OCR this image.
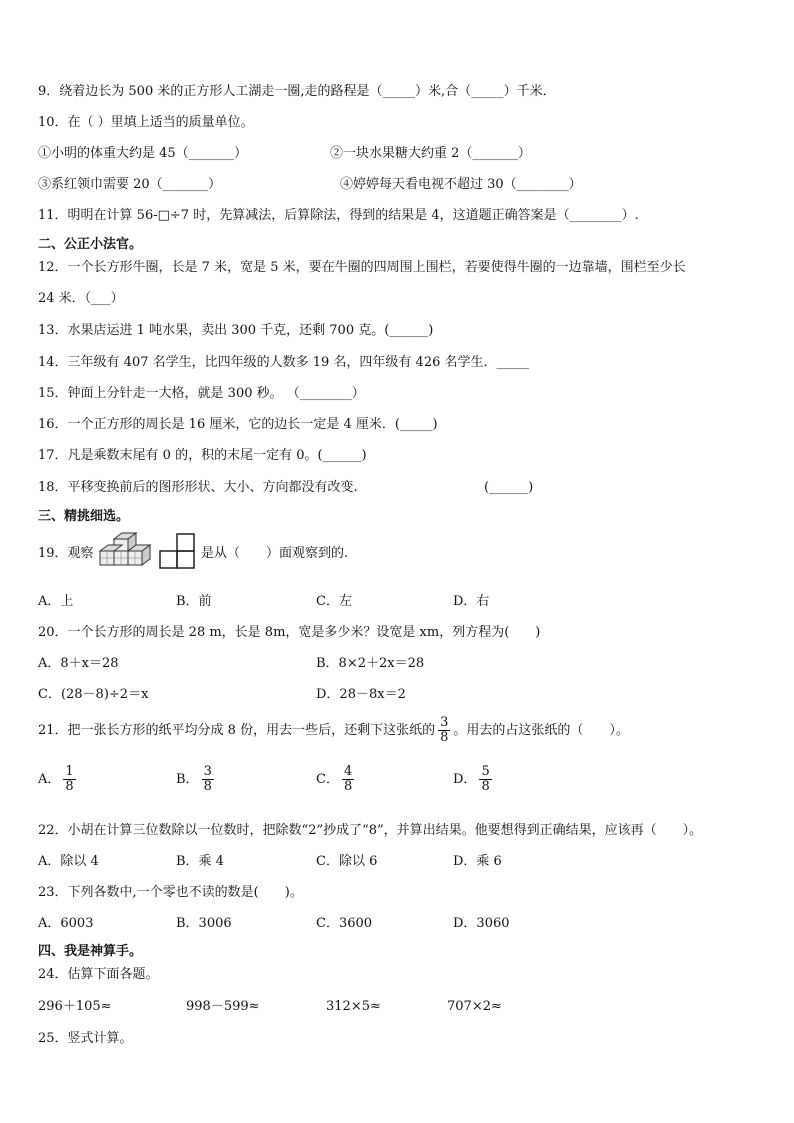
9．绕着边长为 500 米的正方形人工湖走一圈,走的路程是（_____）米,合（_____）千米．
10．在（ ）里填上适当的质量单位。
①小明的体重大约是 45（_______）	②一块水果糖大约重 2（_______）
③系红领巾需要 20（_______）	④婷婷每天看电视不超过 30（________）
11．明明在计算 56-□÷7 时，先算减法，后算除法，得到的结果是 4，这道题正确答案是（________）.
二、公正小法官。
12．一个长方形牛圈，长是 7 米，宽是 5 米，要在牛圈的四周围上围栏，若要使得牛圈的一边靠墙，围栏至少长
24 米．（___）
13．水果店运进 1 吨水果，卖出 300 千克，还剩 700 克。(______)
14．三年级有 407 名学生，比四年级的人数多 19 名，四年级有 426 名学生．_____
15．钟面上分针走一大格，就是 300 秒。 （________）
16．一个正方形的周长是 16 厘米，它的边长一定是 4 厘米．(_____)
17．凡是乘数末尾有 0 的，积的末尾一定有 0。(______)
18．平移变换前后的图形形状、大小、方向都没有改变.	(______)
三、精挑细选。
19．观察	是从（　　）面观察到的.
A．上	B．前	C．左	D．右
20．一个长方形的周长是 28 m，长是 8m，宽是多少米？设宽是 xm，列方程为(　　)
A．8＋x＝28	B．8×2＋2x＝28
C．(28－8)÷2＝x	D．28－8x＝2
21．把一张长方形的纸平均分成 8 份，用去一些后，还剩下这张纸的 $\frac{3}{8}$ 。用去的占这张纸的（　　）。
A． $\frac{1}{8}$	B． $\frac{3}{8}$	C． $\frac{4}{8}$	D． $\frac{5}{8}$
22．小胡在计算三位数除以一位数时，把除数“2”抄成了“8”，并算出结果。他要想得到正确结果，应该再（　　）。
A．除以 4	B．乘 4	C．除以 6	D．乘 6
23．下列各数中,一个零也不读的数是(　　)。
A．6003	B．3006	C．3600	D．3060
四、我是神算手。
24．估算下面各题。
296＋105≈	998－599≈	312×5≈	707×2≈
25．竖式计算。
